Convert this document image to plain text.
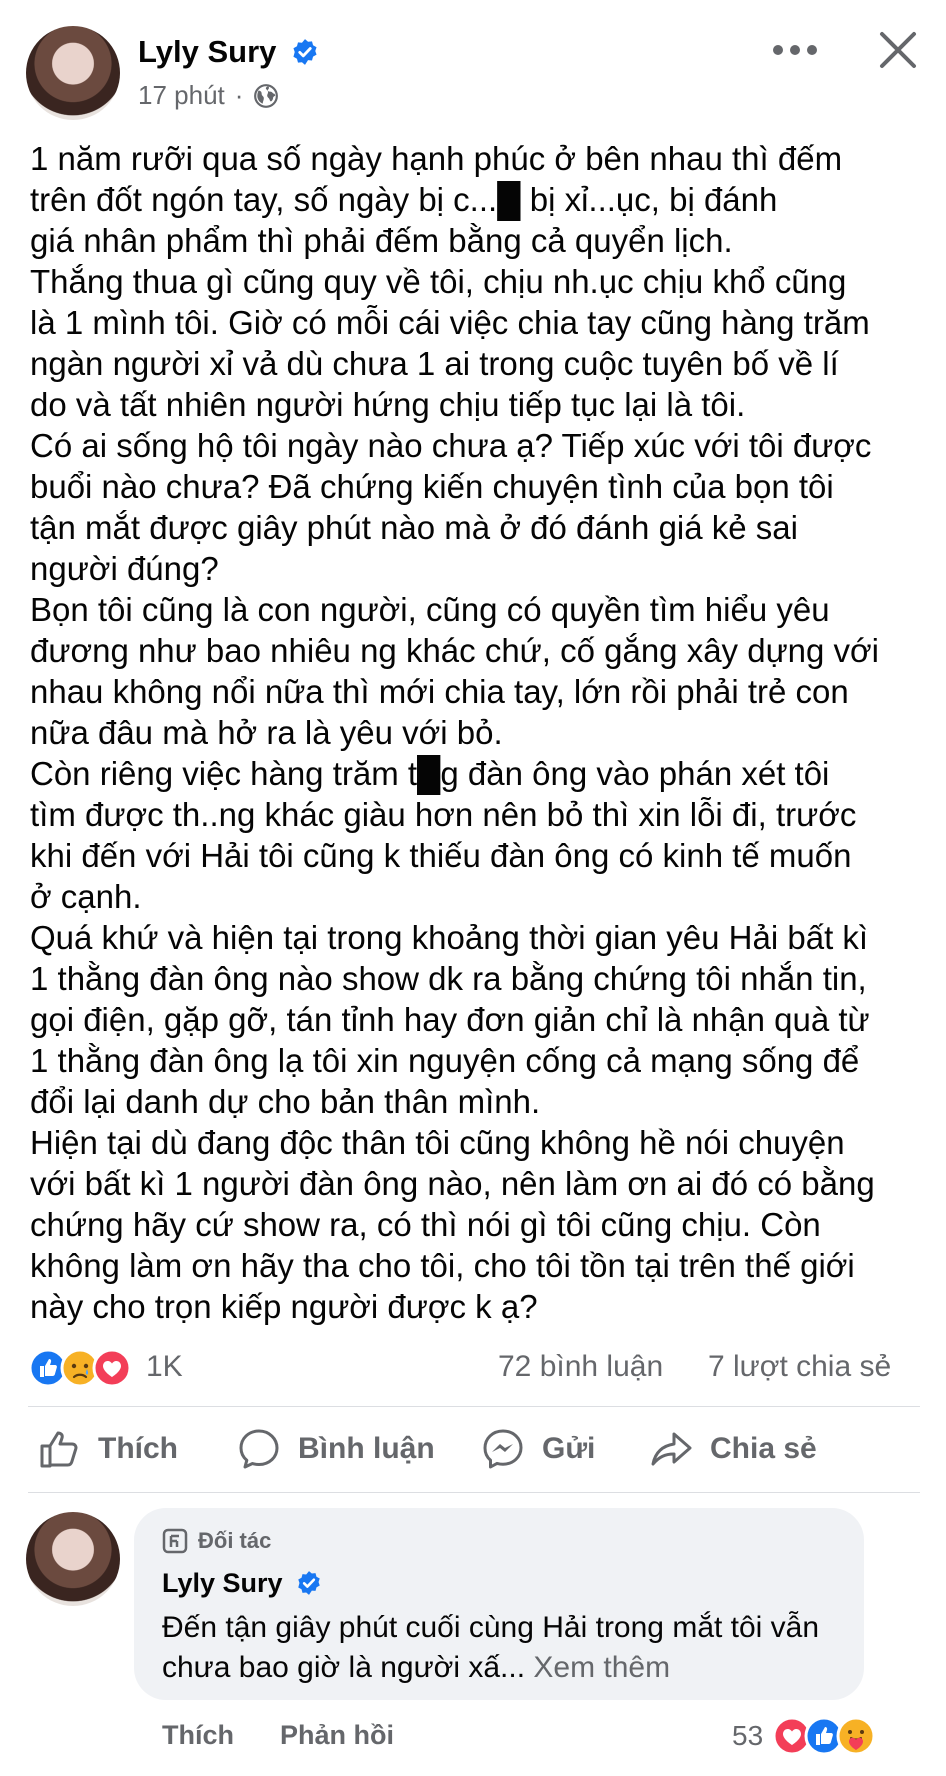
Lyly Sury
17 phút ·
1 năm rưỡi qua số ngày hạnh phúc ở bên nhau thì đếm
trên đốt ngón tay, số ngày bị c...█ bị xỉ...ục, bị đánh
giá nhân phẩm thì phải đếm bằng cả quyển lịch.
Thắng thua gì cũng quy về tôi, chịu nh.ục chịu khổ cũng
là 1 mình tôi. Giờ có mỗi cái việc chia tay cũng hàng trăm
ngàn người xỉ vả dù chưa 1 ai trong cuộc tuyên bố về lí
do và tất nhiên người hứng chịu tiếp tục lại là tôi.
Có ai sống hộ tôi ngày nào chưa ạ? Tiếp xúc với tôi được
buổi nào chưa? Đã chứng kiến chuyện tình của bọn tôi
tận mắt được giây phút nào mà ở đó đánh giá kẻ sai
người đúng?
Bọn tôi cũng là con người, cũng có quyền tìm hiểu yêu
đương như bao nhiêu ng khác chứ, cố gắng xây dựng với
nhau không nổi nữa thì mới chia tay, lớn rồi phải trẻ con
nữa đâu mà hở ra là yêu với bỏ.
Còn riêng việc hàng trăm t█g đàn ông vào phán xét tôi
tìm được th..ng khác giàu hơn nên bỏ thì xin lỗi đi, trước
khi đến với Hải tôi cũng k thiếu đàn ông có kinh tế muốn
ở cạnh.
Quá khứ và hiện tại trong khoảng thời gian yêu Hải bất kì
1 thằng đàn ông nào show dk ra bằng chứng tôi nhắn tin,
gọi điện, gặp gỡ, tán tỉnh hay đơn giản chỉ là nhận quà từ
1 thằng đàn ông lạ tôi xin nguyện cống cả mạng sống để
đổi lại danh dự cho bản thân mình.
Hiện tại dù đang độc thân tôi cũng không hề nói chuyện
với bất kì 1 người đàn ông nào, nên làm ơn ai đó có bằng
chứng hãy cứ show ra, có thì nói gì tôi cũng chịu. Còn
không làm ơn hãy tha cho tôi, cho tôi tồn tại trên thế giới
này cho trọn kiếp người được k ạ?
1K	72 bình luận 7 lượt chia sẻ
Thích	Bình luận	Gửi	Chia sẻ
Đối tác
Lyly Sury
Đến tận giây phút cuối cùng Hải trong mắt tôi vẫn chưa bao giờ là người xấ... Xem thêm
Thích Phản hồi	53
